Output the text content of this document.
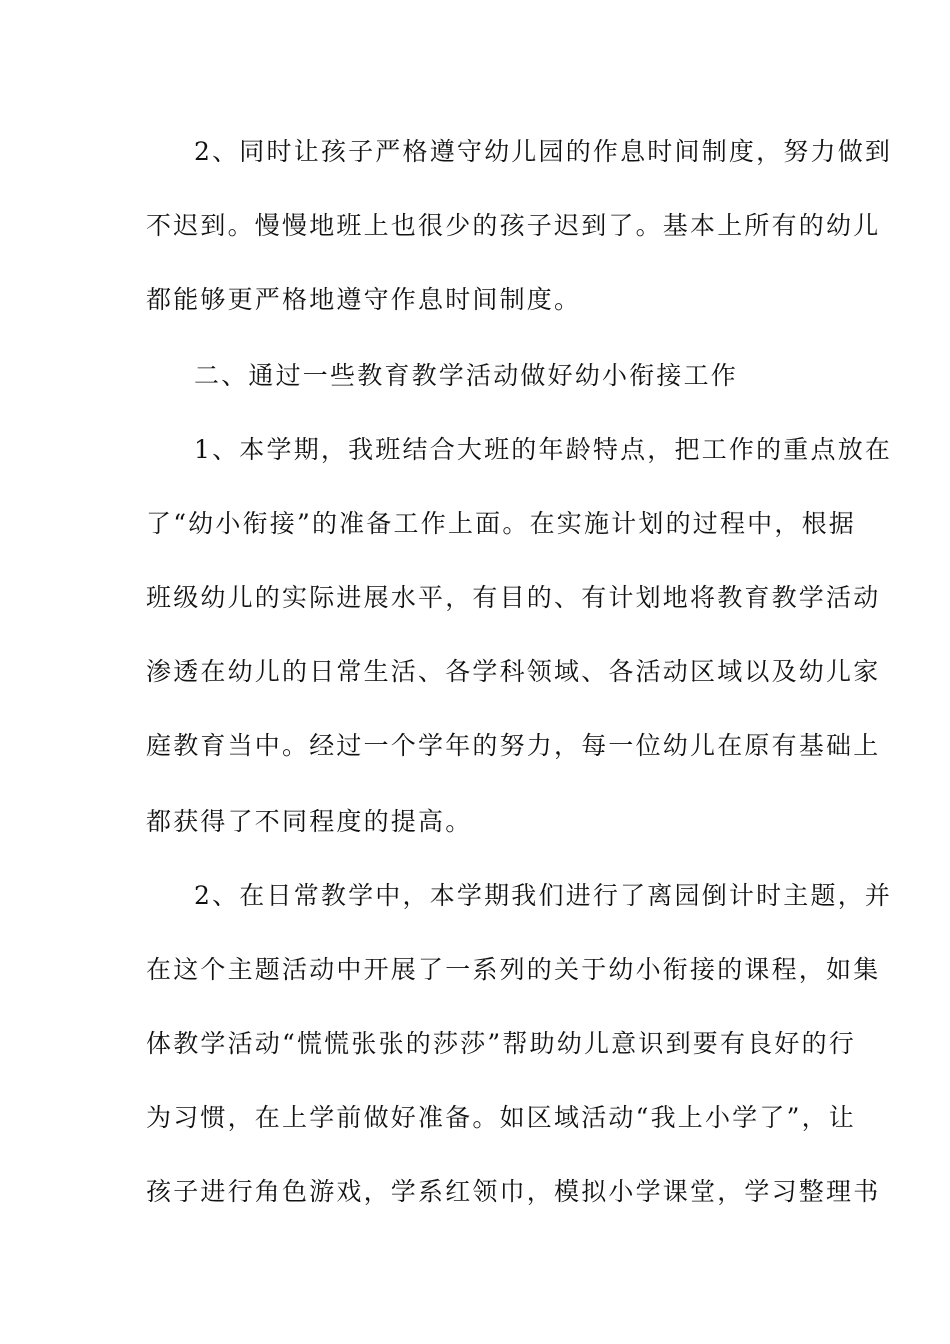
2、同时让孩子严格遵守幼儿园的作息时间制度，努力做到
不迟到。慢慢地班上也很少的孩子迟到了。基本上所有的幼儿
都能够更严格地遵守作息时间制度。
二、通过一些教育教学活动做好幼小衔接工作
1、本学期，我班结合大班的年龄特点，把工作的重点放在
了“幼小衔接”的准备工作上面。在实施计划的过程中，根据
班级幼儿的实际进展水平，有目的、有计划地将教育教学活动
渗透在幼儿的日常生活、各学科领域、各活动区域以及幼儿家
庭教育当中。经过一个学年的努力，每一位幼儿在原有基础上
都获得了不同程度的提高。
2、在日常教学中，本学期我们进行了离园倒计时主题，并
在这个主题活动中开展了一系列的关于幼小衔接的课程，如集
体教学活动“慌慌张张的莎莎”帮助幼儿意识到要有良好的行
为习惯，在上学前做好准备。如区域活动“我上小学了”，让
孩子进行角色游戏，学系红领巾，模拟小学课堂，学习整理书
